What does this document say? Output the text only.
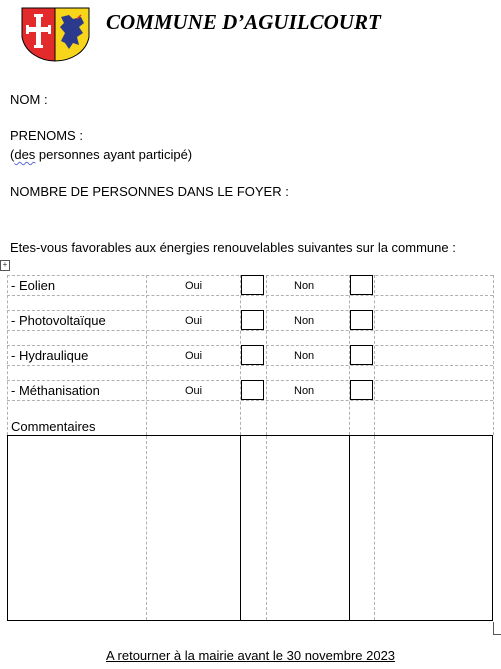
COMMUNE D’AGUILCOURT
NOM :
PRENOMS :
(des personnes ayant participé)
NOMBRE DE PERSONNES DANS LE FOYER :
Etes-vous favorables aux énergies renouvelables suivantes sur la commune :
+
- Eolien	Oui	Non
- Photovoltaïque	Oui	Non
- Hydraulique	Oui	Non
- Méthanisation	Oui	Non
Commentaires
A retourner à la mairie avant le 30 novembre 2023
